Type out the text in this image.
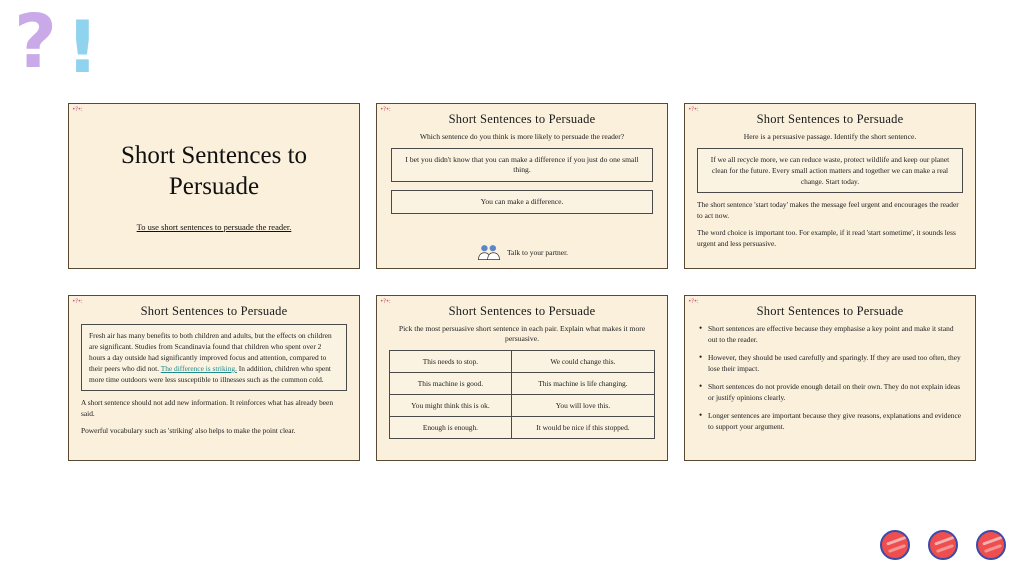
? !
•?•:
Short Sentences to Persuade
To use short sentences to persuade the reader.
•?•:
Short Sentences to Persuade
Which sentence do you think is more likely to persuade the reader?
I bet you didn't know that you can make a difference if you just do one small thing.
You can make a difference.
Talk to your partner.
•?•:
Short Sentences to Persuade
Here is a persuasive passage. Identify the short sentence.
If we all recycle more, we can reduce waste, protect wildlife and keep our planet clean for the future. Every small action matters and together we can make a real change. Start today.
The short sentence 'start today' makes the message feel urgent and encourages the reader to act now.
The word choice is important too. For example, if it read 'start sometime', it sounds less urgent and less persuasive.
•?•:
Short Sentences to Persuade
Fresh air has many benefits to both children and adults, but the effects on children are significant. Studies from Scandinavia found that children who spent over 2 hours a day outside had significantly improved focus and attention, compared to their peers who did not. The difference is striking. In addition, children who spent more time outdoors were less susceptible to illnesses such as the common cold.
A short sentence should not add new information. It reinforces what has already been said.
Powerful vocabulary such as 'striking' also helps to make the point clear.
•?•:
Short Sentences to Persuade
Pick the most persuasive short sentence in each pair. Explain what makes it more persuasive.
This needs to stop.	We could change this.
This machine is good.	This machine is life changing.
You might think this is ok.	You will love this.
Enough is enough.	It would be nice if this stopped.
•?•:
Short Sentences to Persuade
• Short sentences are effective because they emphasise a key point and make it stand out to the reader.
• However, they should be used carefully and sparingly. If they are used too often, they lose their impact.
• Short sentences do not provide enough detail on their own. They do not explain ideas or justify opinions clearly.
• Longer sentences are important because they give reasons, explanations and evidence to support your argument.
